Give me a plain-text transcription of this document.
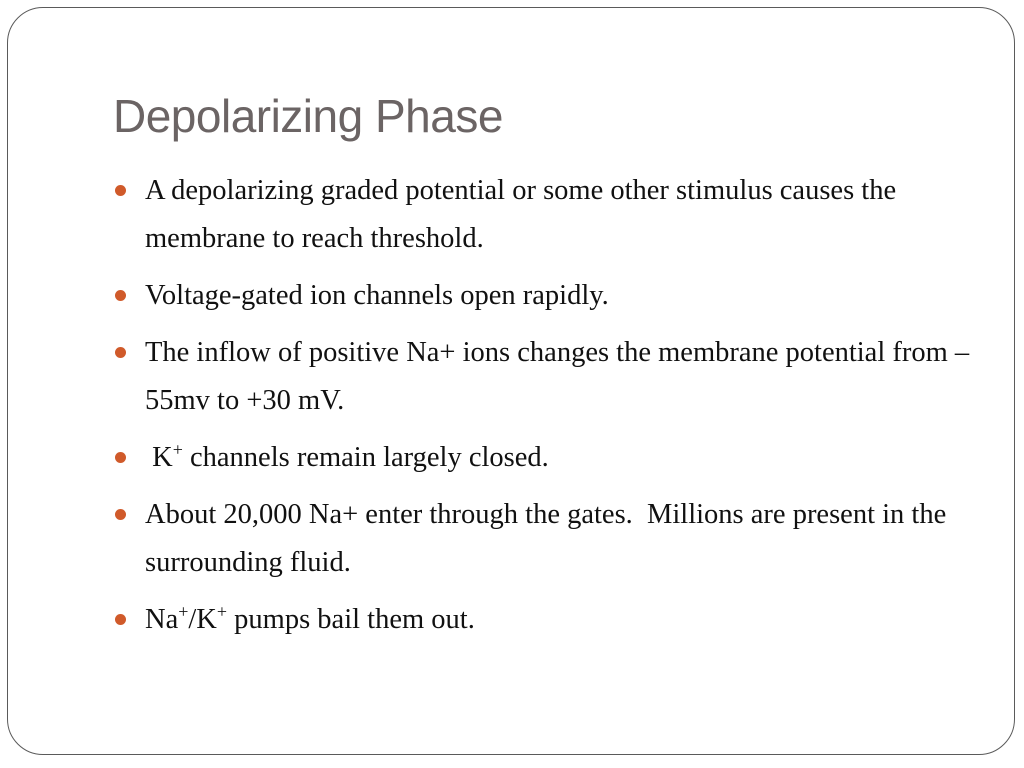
Depolarizing Phase
A depolarizing graded potential or some other stimulus causes the membrane to reach threshold.
Voltage-gated ion channels open rapidly.
The inflow of positive Na+ ions changes the membrane potential from –55mv to +30 mV.
K+ channels remain largely closed.
About 20,000 Na+ enter through the gates.  Millions are present in the surrounding fluid.
Na+/K+ pumps bail them out.
